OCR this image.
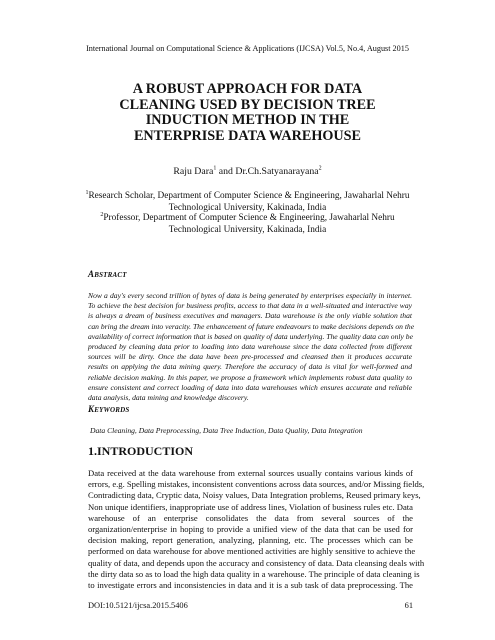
International Journal on Computational Science & Applications (IJCSA) Vol.5, No.4, August 2015
A ROBUST APPROACH FOR DATA
CLEANING USED BY DECISION TREE
INDUCTION METHOD IN THE
ENTERPRISE DATA WAREHOUSE
Raju Dara$^1$ and Dr.Ch.Satyanarayana$^2$
$^1$Research Scholar, Department of Computer Science & Engineering, Jawaharlal Nehru
Technological University, Kakinada, India
$^2$Professor, Department of Computer Science & Engineering, Jawaharlal Nehru
Technological University, Kakinada, India
ABSTRACT
Now a day's every second trillion of bytes of data is being generated by enterprises especially in internet.
To achieve the best decision for business profits, access to that data in a well-situated and interactive way
is always a dream of business executives and managers. Data warehouse is the only viable solution that
can bring the dream into veracity. The enhancement of future endeavours to make decisions depends on the
availability of correct information that is based on quality of data underlying. The quality data can only be
produced by cleaning data prior to loading into data warehouse since the data collected from different
sources will be dirty. Once the data have been pre-processed and cleansed then it produces accurate
results on applying the data mining query. Therefore the accuracy of data is vital for well-formed and
reliable decision making. In this paper, we propose a framework which implements robust data quality to
ensure consistent and correct loading of data into data warehouses which ensures accurate and reliable
data analysis, data mining and knowledge discovery.
KEYWORDS
Data Cleaning, Data Preprocessing, Data Tree Induction, Data Quality, Data Integration
1.INTRODUCTION
Data received at the data warehouse from external sources usually contains various kinds of
errors, e.g. Spelling mistakes, inconsistent conventions across data sources, and/or Missing fields,
Contradicting data, Cryptic data, Noisy values, Data Integration problems, Reused primary keys,
Non unique identifiers, inappropriate use of address lines, Violation of business rules etc. Data
warehouse of an enterprise consolidates the data from several sources of the
organization/enterprise in hoping to provide a unified view of the data that can be used for
decision making, report generation, analyzing, planning, etc. The processes which can be
performed on data warehouse for above mentioned activities are highly sensitive to achieve the
quality of data, and depends upon the accuracy and consistency of data. Data cleansing deals with
the dirty data so as to load the high data quality in a warehouse. The principle of data cleaning is
to investigate errors and inconsistencies in data and it is a sub task of data preprocessing. The
DOI:10.5121/ijcsa.2015.5406	61
